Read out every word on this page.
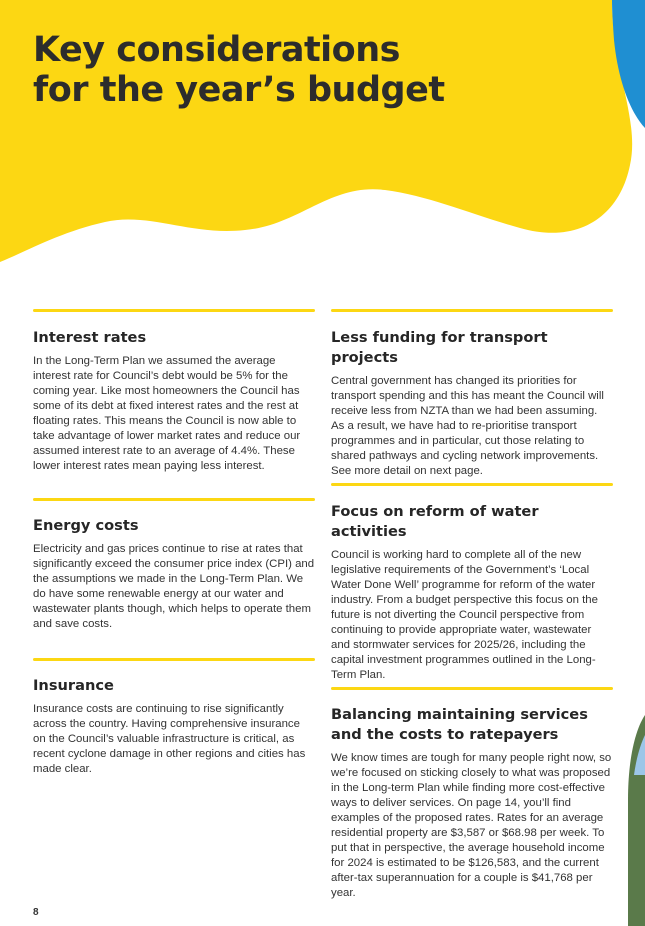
Key considerations
for the year’s budget
Interest rates

In the Long-Term Plan we assumed the average interest rate for Council’s debt would be 5% for the coming year. Like most homeowners the Council has some of its debt at fixed interest rates and the rest at floating rates. This means the Council is now able to take advantage of lower market rates and reduce our assumed interest rate to an average of 4.4%. These lower interest rates mean paying less interest.

Energy costs

Electricity and gas prices continue to rise at rates that significantly exceed the consumer price index (CPI) and the assumptions we made in the Long-Term Plan. We do have some renewable energy at our water and wastewater plants though, which helps to operate them and save costs.

Insurance

Insurance costs are continuing to rise significantly across the country. Having comprehensive insurance on the Council’s valuable infrastructure is critical, as recent cyclone damage in other regions and cities has made clear.

Less funding for transport projects

Central government has changed its priorities for transport spending and this has meant the Council will receive less from NZTA than we had been assuming. As a result, we have had to re-prioritise transport programmes and in particular, cut those relating to shared pathways and cycling network improvements. See more detail on next page.

Focus on reform of water activities

Council is working hard to complete all of the new legislative requirements of the Government’s ‘Local Water Done Well’ programme for reform of the water industry. From a budget perspective this focus on the future is not diverting the Council perspective from continuing to provide appropriate water, wastewater and stormwater services for 2025/26, including the capital investment programmes outlined in the Long-Term Plan.

Balancing maintaining services
and the costs to ratepayers

We know times are tough for many people right now, so we’re focused on sticking closely to what was proposed in the Long-term Plan while finding more cost-effective ways to deliver services. On page 14, you’ll find examples of the proposed rates. Rates for an average residential property are $3,587 or $68.98 per week. To put that in perspective, the average household income for 2024 is estimated to be $126,583, and the current after-tax superannuation for a couple is $41,768 per year.

8
